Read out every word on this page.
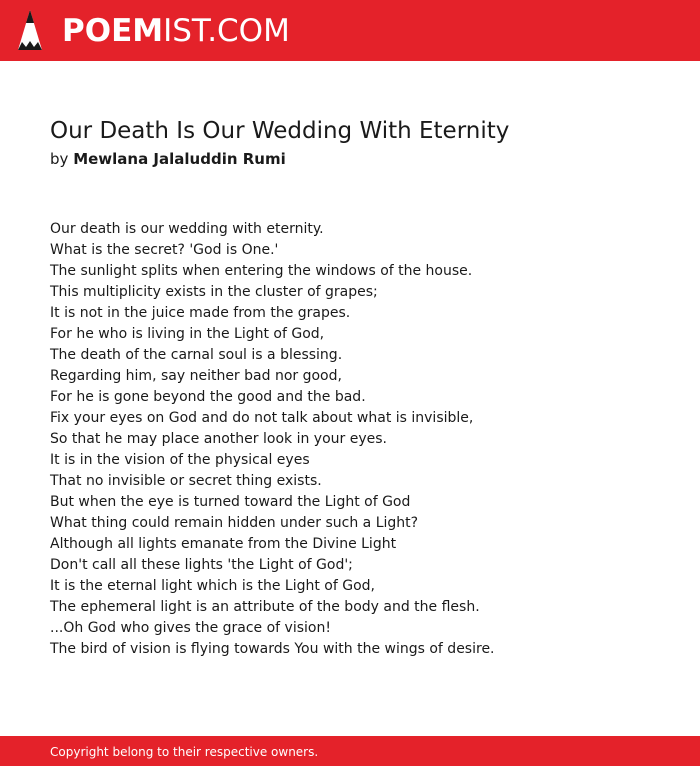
POEMIST.COM
Our Death Is Our Wedding With Eternity
by Mewlana Jalaluddin Rumi
Our death is our wedding with eternity.
What is the secret? 'God is One.'
The sunlight splits when entering the windows of the house.
This multiplicity exists in the cluster of grapes;
It is not in the juice made from the grapes.
For he who is living in the Light of God,
The death of the carnal soul is a blessing.
Regarding him, say neither bad nor good,
For he is gone beyond the good and the bad.
Fix your eyes on God and do not talk about what is invisible,
So that he may place another look in your eyes.
It is in the vision of the physical eyes
That no invisible or secret thing exists.
But when the eye is turned toward the Light of God
What thing could remain hidden under such a Light?
Although all lights emanate from the Divine Light
Don't call all these lights 'the Light of God';
It is the eternal light which is the Light of God,
The ephemeral light is an attribute of the body and the flesh.
...Oh God who gives the grace of vision!
The bird of vision is flying towards You with the wings of desire.
Copyright belong to their respective owners.
